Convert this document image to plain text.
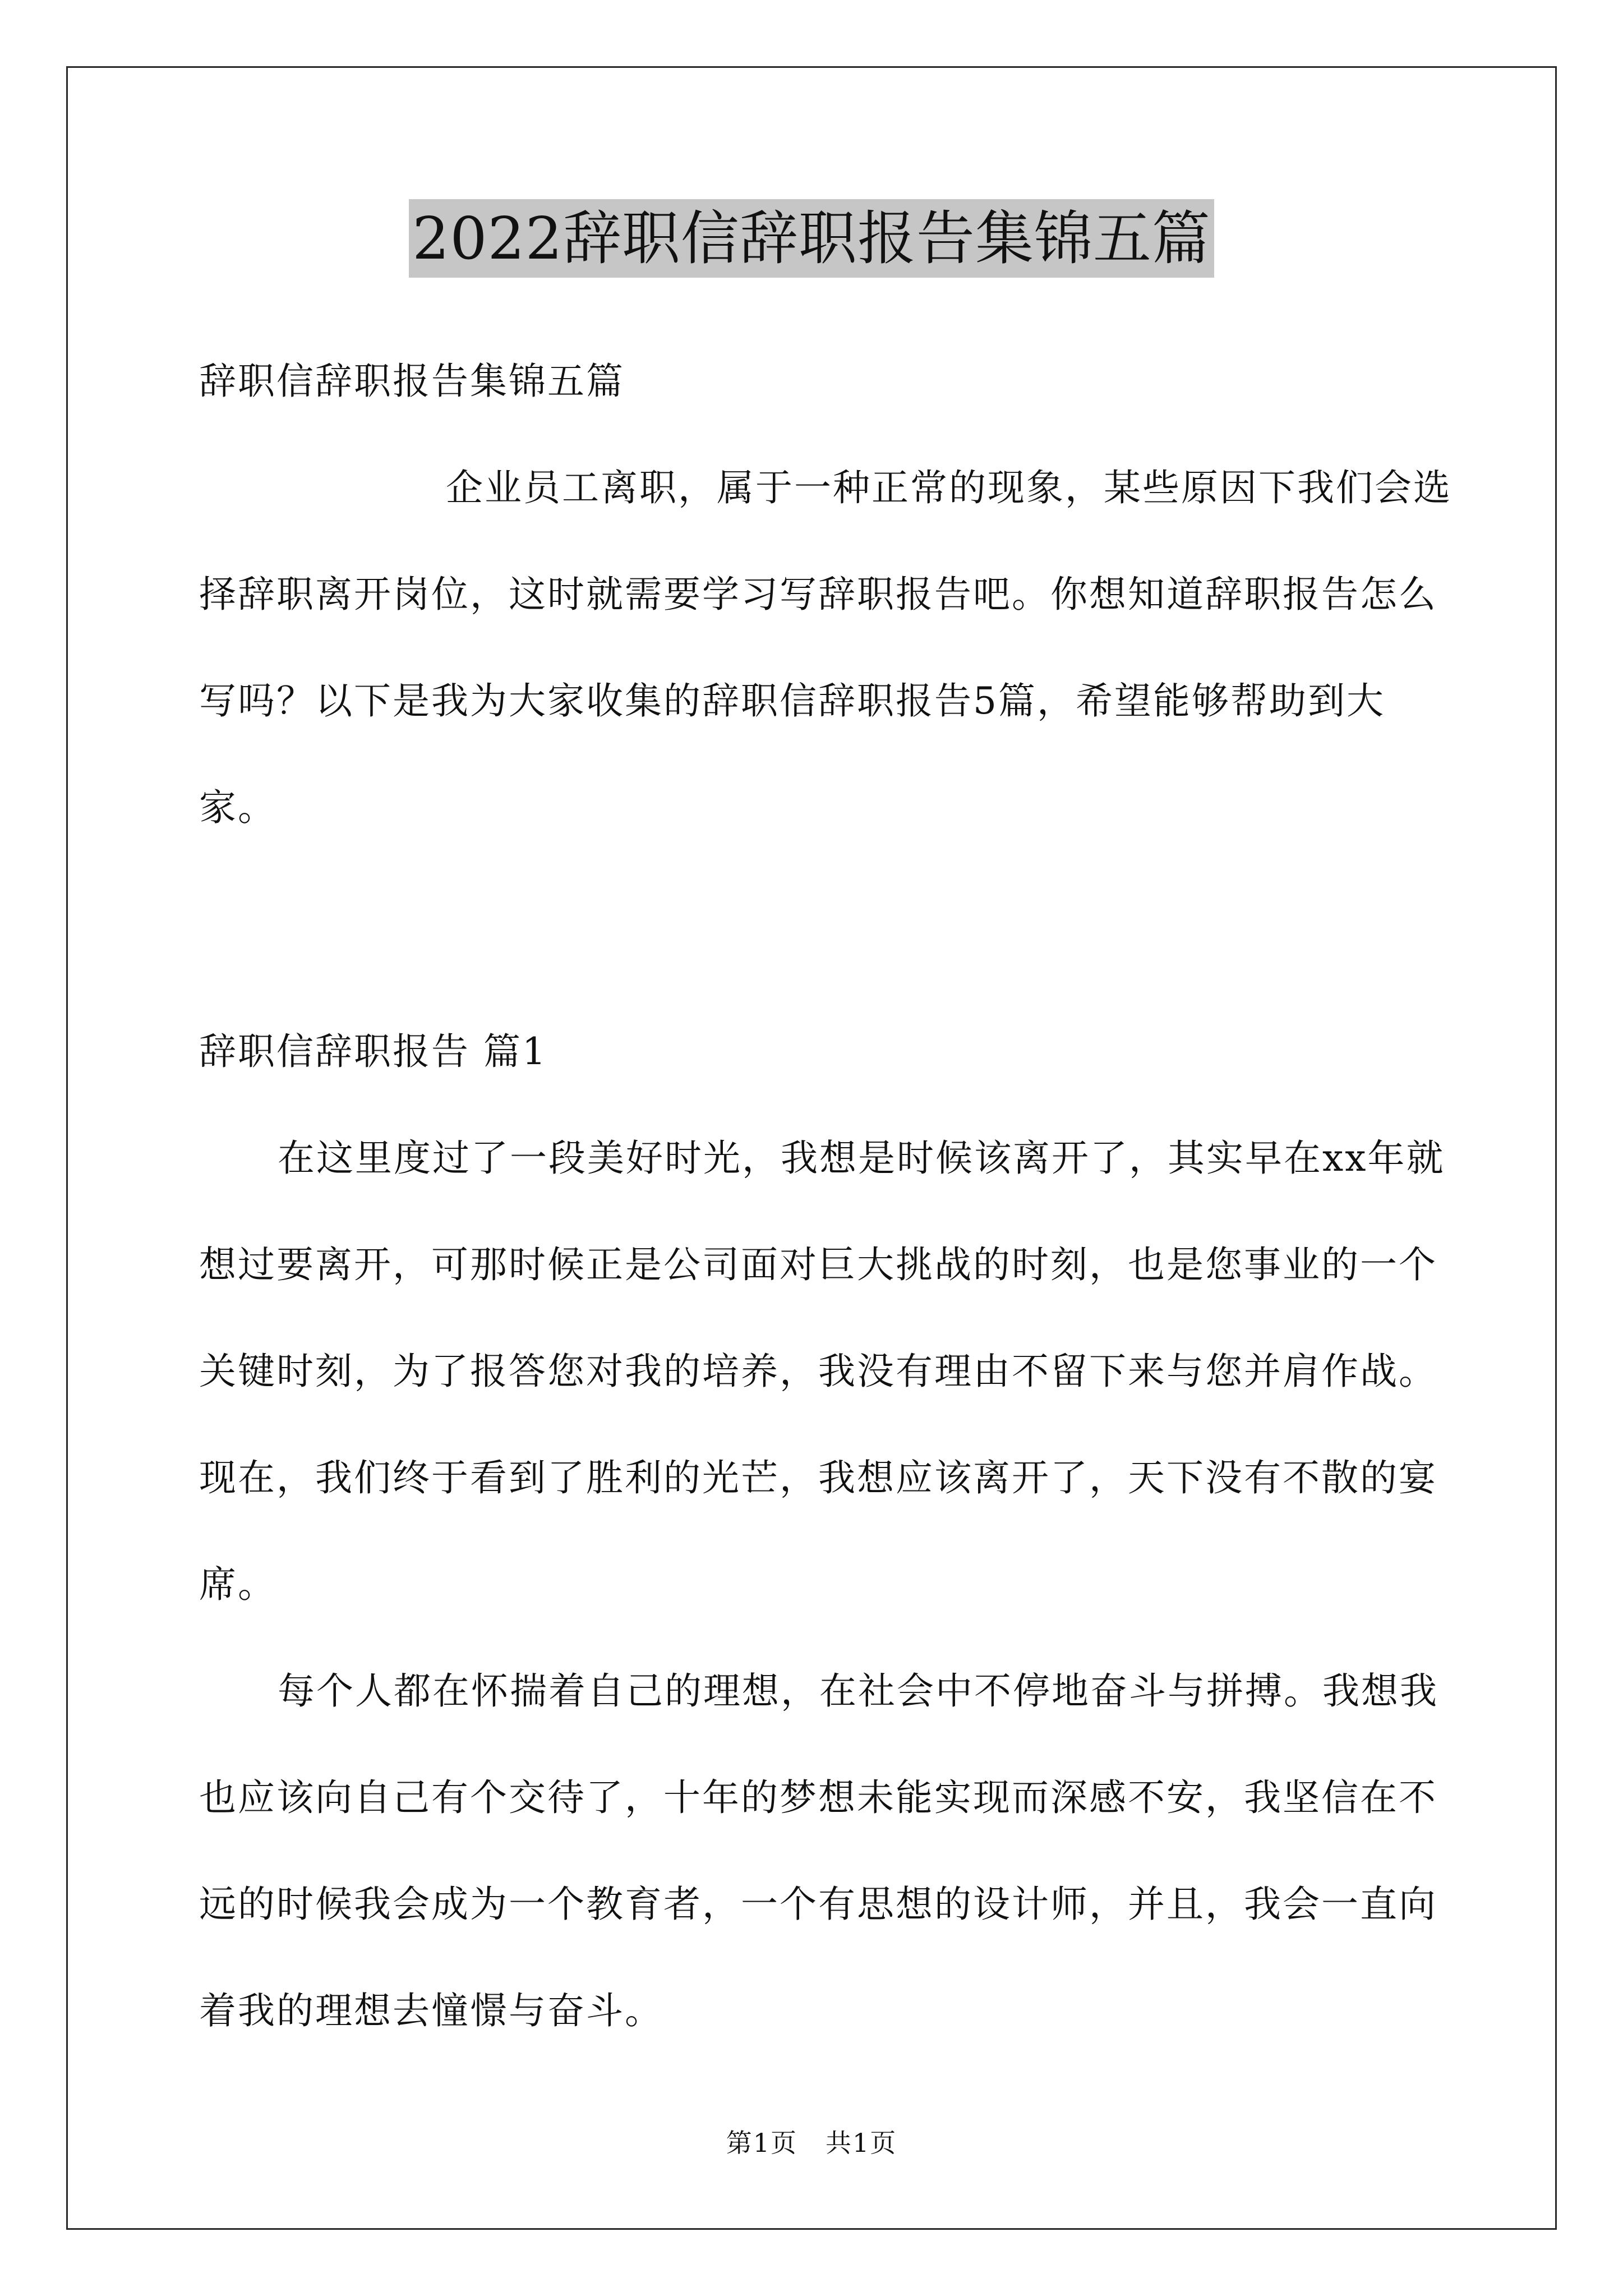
2022辞职信辞职报告集锦五篇
辞职信辞职报告集锦五篇
企业员工离职，属于一种正常的现象，某些原因下我们会选择辞职离开岗位，这时就需要学习写辞职报告吧。你想知道辞职报告怎么写吗？以下是我为大家收集的辞职信辞职报告5篇，希望能够帮助到大家。
辞职信辞职报告 篇1
在这里度过了一段美好时光，我想是时候该离开了，其实早在xx年就想过要离开，可那时候正是公司面对巨大挑战的时刻，也是您事业的一个关键时刻，为了报答您对我的培养，我没有理由不留下来与您并肩作战。现在，我们终于看到了胜利的光芒，我想应该离开了，天下没有不散的宴席。
每个人都在怀揣着自己的理想，在社会中不停地奋斗与拼搏。我想我也应该向自己有个交待了，十年的梦想未能实现而深感不安，我坚信在不远的时候我会成为一个教育者，一个有思想的设计师，并且，我会一直向着我的理想去憧憬与奋斗。
第1页 共1页
